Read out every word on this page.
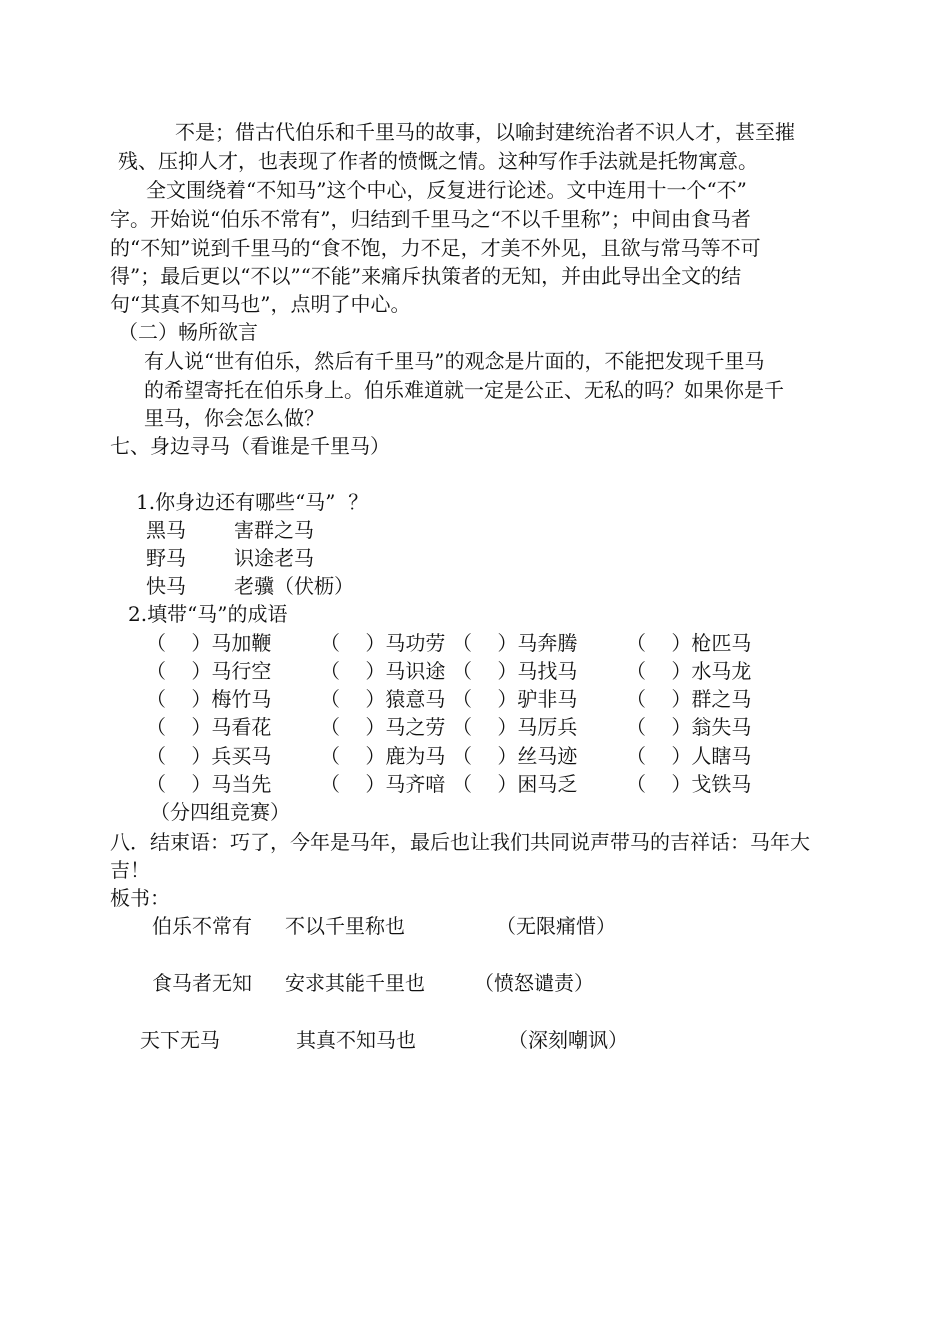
不是；借古代伯乐和千里马的故事，以喻封建统治者不识人才，甚至摧
残、压抑人才，也表现了作者的愤慨之情。这种写作手法就是托物寓意。
全文围绕着“不知马”这个中心，反复进行论述。文中连用十一个“不”
字。开始说“伯乐不常有”，归结到千里马之“不以千里称”；中间由食马者
的“不知”说到千里马的“食不饱，力不足，才美不外见，且欲与常马等不可
得”；最后更以“不以”“不能”来痛斥执策者的无知，并由此导出全文的结
句“其真不知马也”，点明了中心。
（二）畅所欲言
有人说“世有伯乐，然后有千里马”的观念是片面的，不能把发现千里马
的希望寄托在伯乐身上。伯乐难道就一定是公正、无私的吗？如果你是千
里马，你会怎么做？
七、身边寻马（看谁是千里马）
1.你身边还有哪些“马”  ？
黑马 害群之马
野马 识途老马
快马 老骥（伏枥）
2.填带“马”的成语
（    ）马加鞭 （    ）马功劳 （    ）马奔腾 （    ）枪匹马
（    ）马行空 （    ）马识途 （    ）马找马 （    ）水马龙
（    ）梅竹马 （    ）猿意马 （    ）驴非马 （    ）群之马
（    ）马看花 （    ）马之劳 （    ）马厉兵 （    ）翁失马
（    ）兵买马 （    ）鹿为马 （    ）丝马迹 （    ）人瞎马
（    ）马当先 （    ）马齐喑 （    ）困马乏 （    ）戈铁马
（分四组竞赛）
八．结束语：巧了，今年是马年，最后也让我们共同说声带马的吉祥话：马年大
吉！
板书：
伯乐不常有 不以千里称也	（无限痛惜）
食马者无知 安求其能千里也 （愤怒谴责）
天下无马	其真不知马也	（深刻嘲讽）
